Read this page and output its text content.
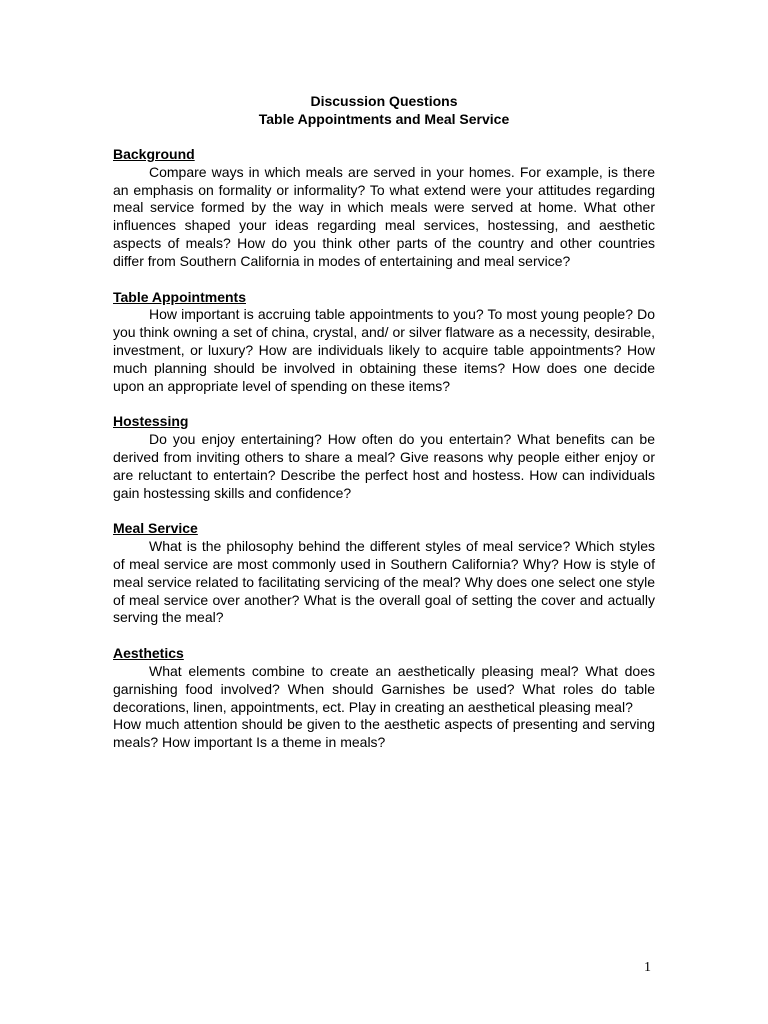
Discussion Questions
Table Appointments and Meal Service

Background

Compare ways in which meals are served in your homes. For example, is there an emphasis on formality or informality? To what extend were your attitudes regarding meal service formed by the way in which meals were served at home. What other influences shaped your ideas regarding meal services, hostessing, and aesthetic aspects of meals? How do you think other parts of the country and other countries differ from Southern California in modes of entertaining and meal service?

Table Appointments

How important is accruing table appointments to you? To most young people? Do you think owning a set of china, crystal, and/ or silver flatware as a necessity, desirable, investment, or luxury? How are individuals likely to acquire table appointments? How much planning should be involved in obtaining these items? How does one decide upon an appropriate level of spending on these items?

Hostessing

Do you enjoy entertaining? How often do you entertain? What benefits can be derived from inviting others to share a meal? Give reasons why people either enjoy or are reluctant to entertain? Describe the perfect host and hostess. How can individuals gain hostessing skills and confidence?

Meal Service

What is the philosophy behind the different styles of meal service? Which styles of meal service are most commonly used in Southern California? Why? How is style of meal service related to facilitating servicing of the meal? Why does one select one style of meal service over another? What is the overall goal of setting the cover and actually serving the meal?

Aesthetics

What elements combine to create an aesthetically pleasing meal? What does garnishing food involved? When should Garnishes be used? What roles do table decorations, linen, appointments, ect. Play in creating an aesthetical pleasing meal?

How much attention should be given to the aesthetic aspects of presenting and serving meals? How important Is a theme in meals?

1
